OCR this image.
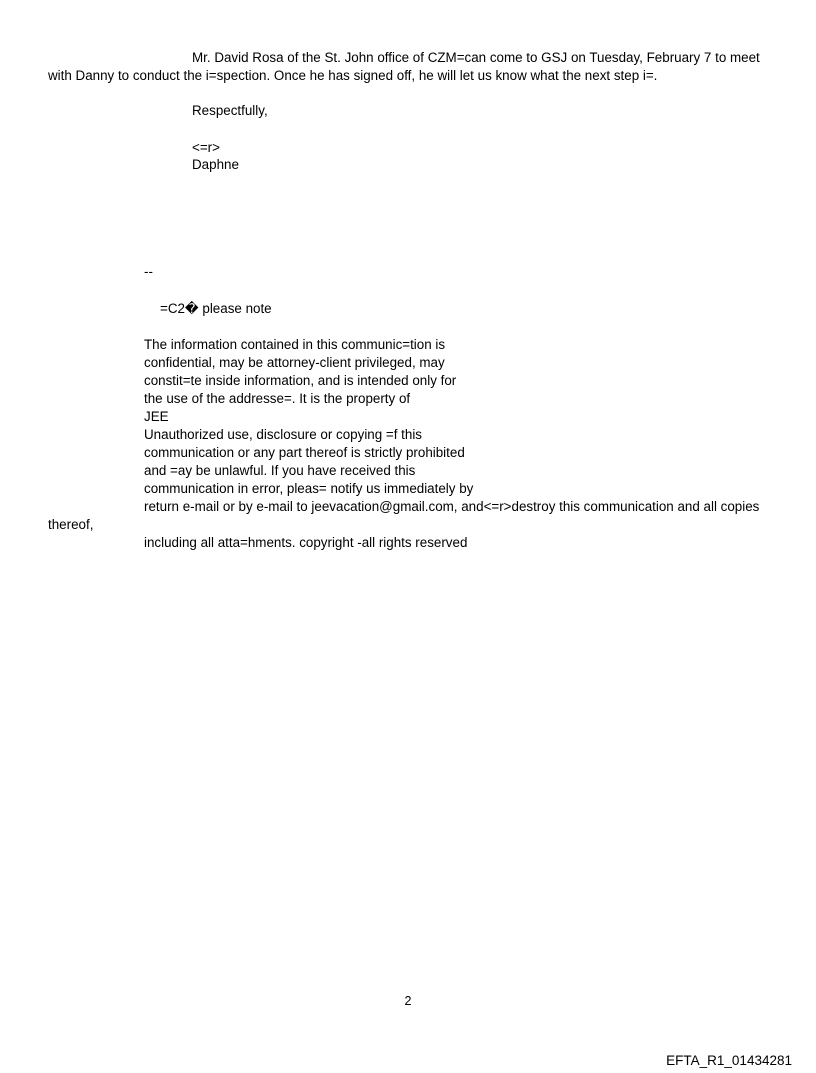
Mr. David Rosa of the St. John office of CZM=can come to GSJ on Tuesday, February 7 to meet
with Danny to conduct the i=spection. Once he has signed off, he will let us know what the next step i=.
Respectfully,
<=r>
Daphne
--
=C2� please note
The information contained in this communic=tion is
confidential, may be attorney-client privileged, may
constit=te inside information, and is intended only for
the use of the addresse=. It is the property of
JEE
Unauthorized use, disclosure or copying =f this
communication or any part thereof is strictly prohibited
and =ay be unlawful. If you have received this
communication in error, pleas= notify us immediately by
return e-mail or by e-mail to jeevacation@gmail.com, and<=r>destroy this communication and all copies
thereof,
including all atta=hments. copyright -all rights reserved
2
EFTA_R1_01434281
